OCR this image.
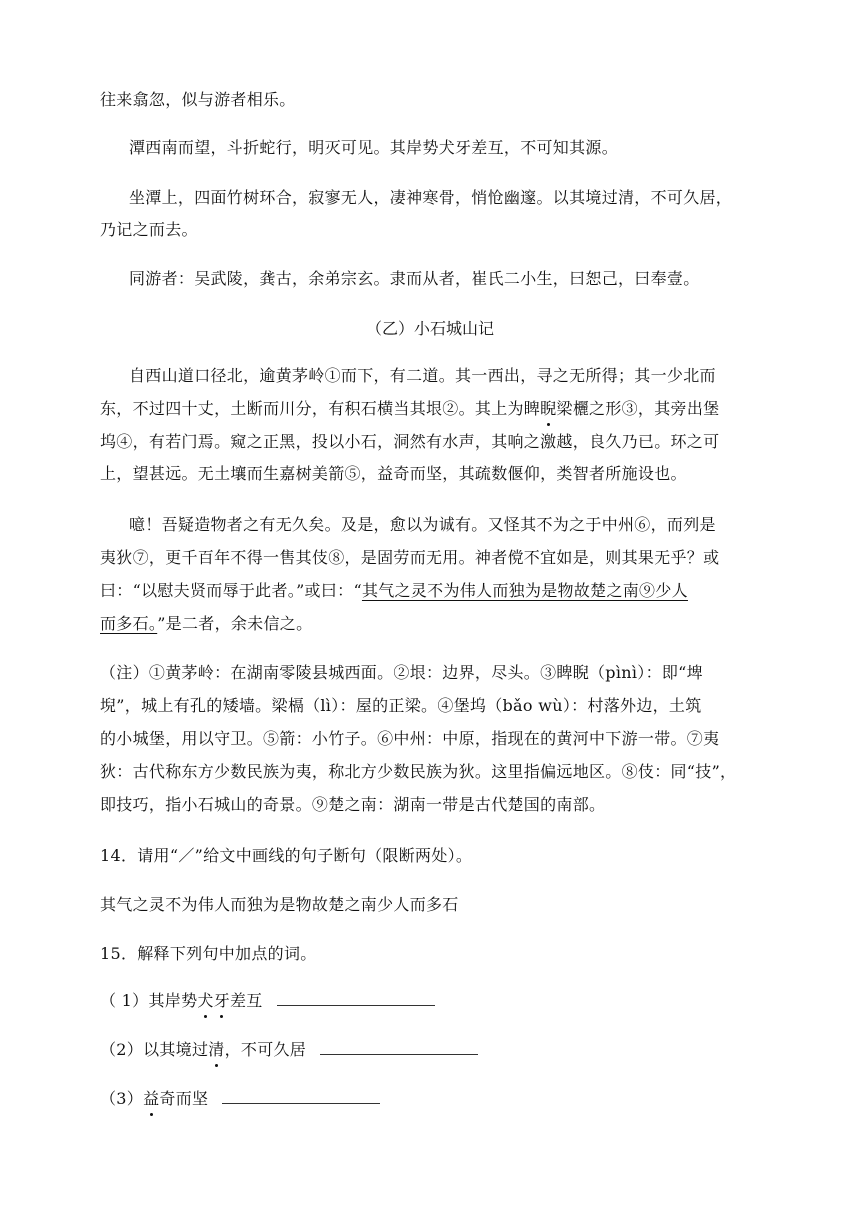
往来翕忽，似与游者相乐。
潭西南而望，斗折蛇行，明灭可见。其岸势犬牙差互，不可知其源。
坐潭上，四面竹树环合，寂寥无人，凄神寒骨，悄怆幽邃。以其境过清，不可久居，
乃记之而去。
同游者：吴武陵，龚古，余弟宗玄。隶而从者，崔氏二小生，曰恕己，曰奉壹。
（乙）小石城山记
自西山道口径北，逾黄茅岭①而下，有二道。其一西出，寻之无所得；其一少北而
东，不过四十丈，土断而川分，有积石横当其垠②。其上为睥睨梁欐之形③，其旁出堡
坞④，有若门焉。窥之正黑，投以小石，洞然有水声，其响之激越，良久乃已。环之可
上，望甚远。无土壤而生嘉树美箭⑤，益奇而坚，其疏数偃仰，类智者所施设也。
噫！吾疑造物者之有无久矣。及是，愈以为诚有。又怪其不为之于中州⑥，而列是
夷狄⑦，更千百年不得一售其伎⑧，是固劳而无用。神者傥不宜如是，则其果无乎？或
曰：“以慰夫贤而辱于此者。”或曰：“其气之灵不为伟人而独为是物故楚之南⑨少人
而多石。”是二者，余未信之。
（注）①黄茅岭：在湖南零陵县城西面。②垠：边界，尽头。③睥睨（pìnì）：即“埤
堄”，城上有孔的矮墙。梁槅（lì）：屋的正梁。④堡坞（bǎo wù）：村落外边，土筑
的小城堡，用以守卫。⑤箭：小竹子。⑥中州：中原，指现在的黄河中下游一带。⑦夷
狄：古代称东方少数民族为夷，称北方少数民族为狄。这里指偏远地区。⑧伎：同“技”，
即技巧，指小石城山的奇景。⑨楚之南：湖南一带是古代楚国的南部。
14．请用“／”给文中画线的句子断句（限断两处）。
其气之灵不为伟人而独为是物故楚之南少人而多石
15．解释下列句中加点的词。
（ 1）其岸势犬牙差互
（2）以其境过清，不可久居
（3）益奇而坚
